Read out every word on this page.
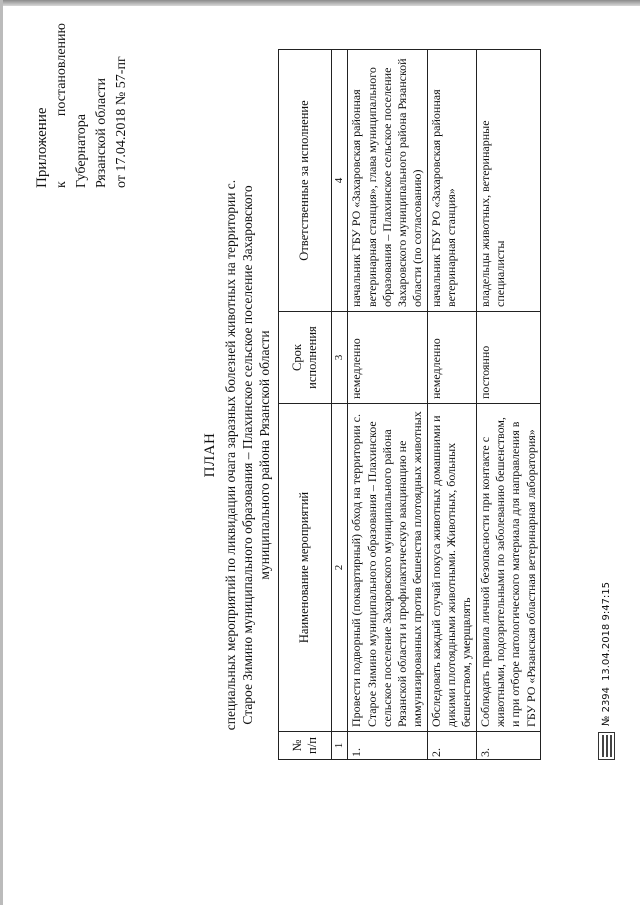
Приложение к постановлению Губернатора Рязанской области от 17.04.2018 № 57-пг
ПЛАН специальных мероприятий по ликвидации очага заразных болезней животных на территории с. Старое Зимино муниципального образования – Плахинское сельское поселение Захаровского муниципального района Рязанской области
№ п/п	Наименование мероприятий	Срок исполнения	Ответственные за исполнение
1	2	3	4
1.	Провести подворный (поквартирный) обход на территории с. Старое Зимино муниципального образования – Плахинское сельское поселение Захаровского муниципального района Рязанской области и профилактическую вакцинацию не иммунизированных против бешенства плотоядных животных	немедленно	начальник ГБУ РО «Захаровская районная ветеринарная станция», глава муниципального образования – Плахинское сельское поселение Захаровского муниципального района Рязанской области (по согласованию)
2.	Обследовать каждый случай покуса животных домашними и дикими плотоядными животными. Животных, больных бешенством, умерщвлять	немедленно	начальник ГБУ РО «Захаровская районная ветеринарная станция»
3.	Соблюдать правила личной безопасности при контакте с животными, подозрительными по заболеванию бешенством, и при отборе патологического материала для направления в ГБУ РО «Рязанская областная ветеринарная лаборатория»	постоянно	владельцы животных, ветеринарные специалисты
№ 2394
13.04.2018 9:47:15
